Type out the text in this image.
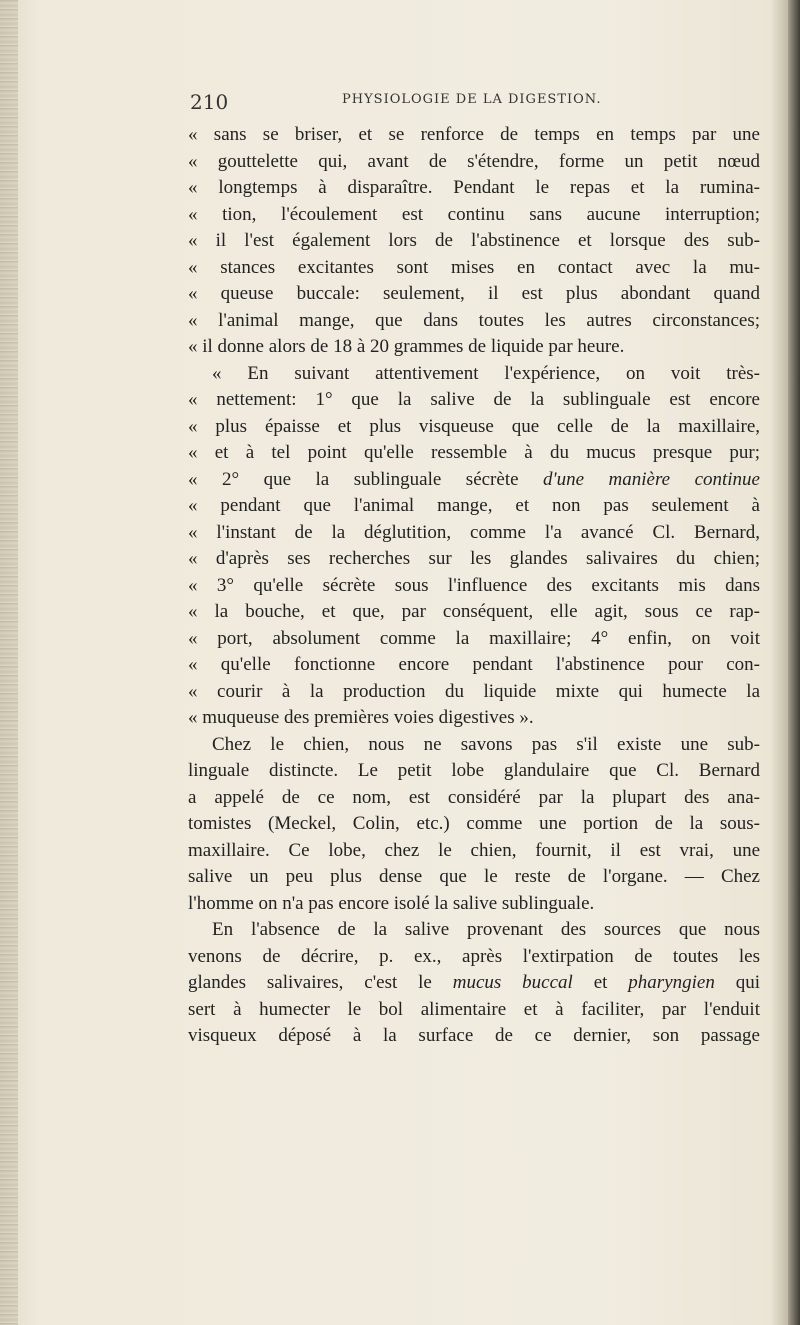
210	PHYSIOLOGIE DE LA DIGESTION.
« sans se briser, et se renforce de temps en temps par une
« gouttelette qui, avant de s'étendre, forme un petit nœud
« longtemps à disparaître. Pendant le repas et la rumina-
« tion, l'écoulement est continu sans aucune interruption;
« il l'est également lors de l'abstinence et lorsque des sub-
« stances excitantes sont mises en contact avec la mu-
« queuse buccale: seulement, il est plus abondant quand
« l'animal mange, que dans toutes les autres circonstances;
« il donne alors de 18 à 20 grammes de liquide par heure.
« En suivant attentivement l'expérience, on voit très-
« nettement: 1° que la salive de la sublinguale est encore
« plus épaisse et plus visqueuse que celle de la maxillaire,
« et à tel point qu'elle ressemble à du mucus presque pur;
« 2° que la sublinguale sécrète d'une manière continue
« pendant que l'animal mange, et non pas seulement à
« l'instant de la déglutition, comme l'a avancé Cl. Bernard,
« d'après ses recherches sur les glandes salivaires du chien;
« 3° qu'elle sécrète sous l'influence des excitants mis dans
« la bouche, et que, par conséquent, elle agit, sous ce rap-
« port, absolument comme la maxillaire; 4° enfin, on voit
« qu'elle fonctionne encore pendant l'abstinence pour con-
« courir à la production du liquide mixte qui humecte la
« muqueuse des premières voies digestives ».
Chez le chien, nous ne savons pas s'il existe une sub-
linguale distincte. Le petit lobe glandulaire que Cl. Bernard
a appelé de ce nom, est considéré par la plupart des ana-
tomistes (Meckel, Colin, etc.) comme une portion de la sous-
maxillaire. Ce lobe, chez le chien, fournit, il est vrai, une
salive un peu plus dense que le reste de l'organe. — Chez
l'homme on n'a pas encore isolé la salive sublinguale.
En l'absence de la salive provenant des sources que nous
venons de décrire, p. ex., après l'extirpation de toutes les
glandes salivaires, c'est le mucus buccal et pharyngien qui
sert à humecter le bol alimentaire et à faciliter, par l'enduit
visqueux déposé à la surface de ce dernier, son passage
